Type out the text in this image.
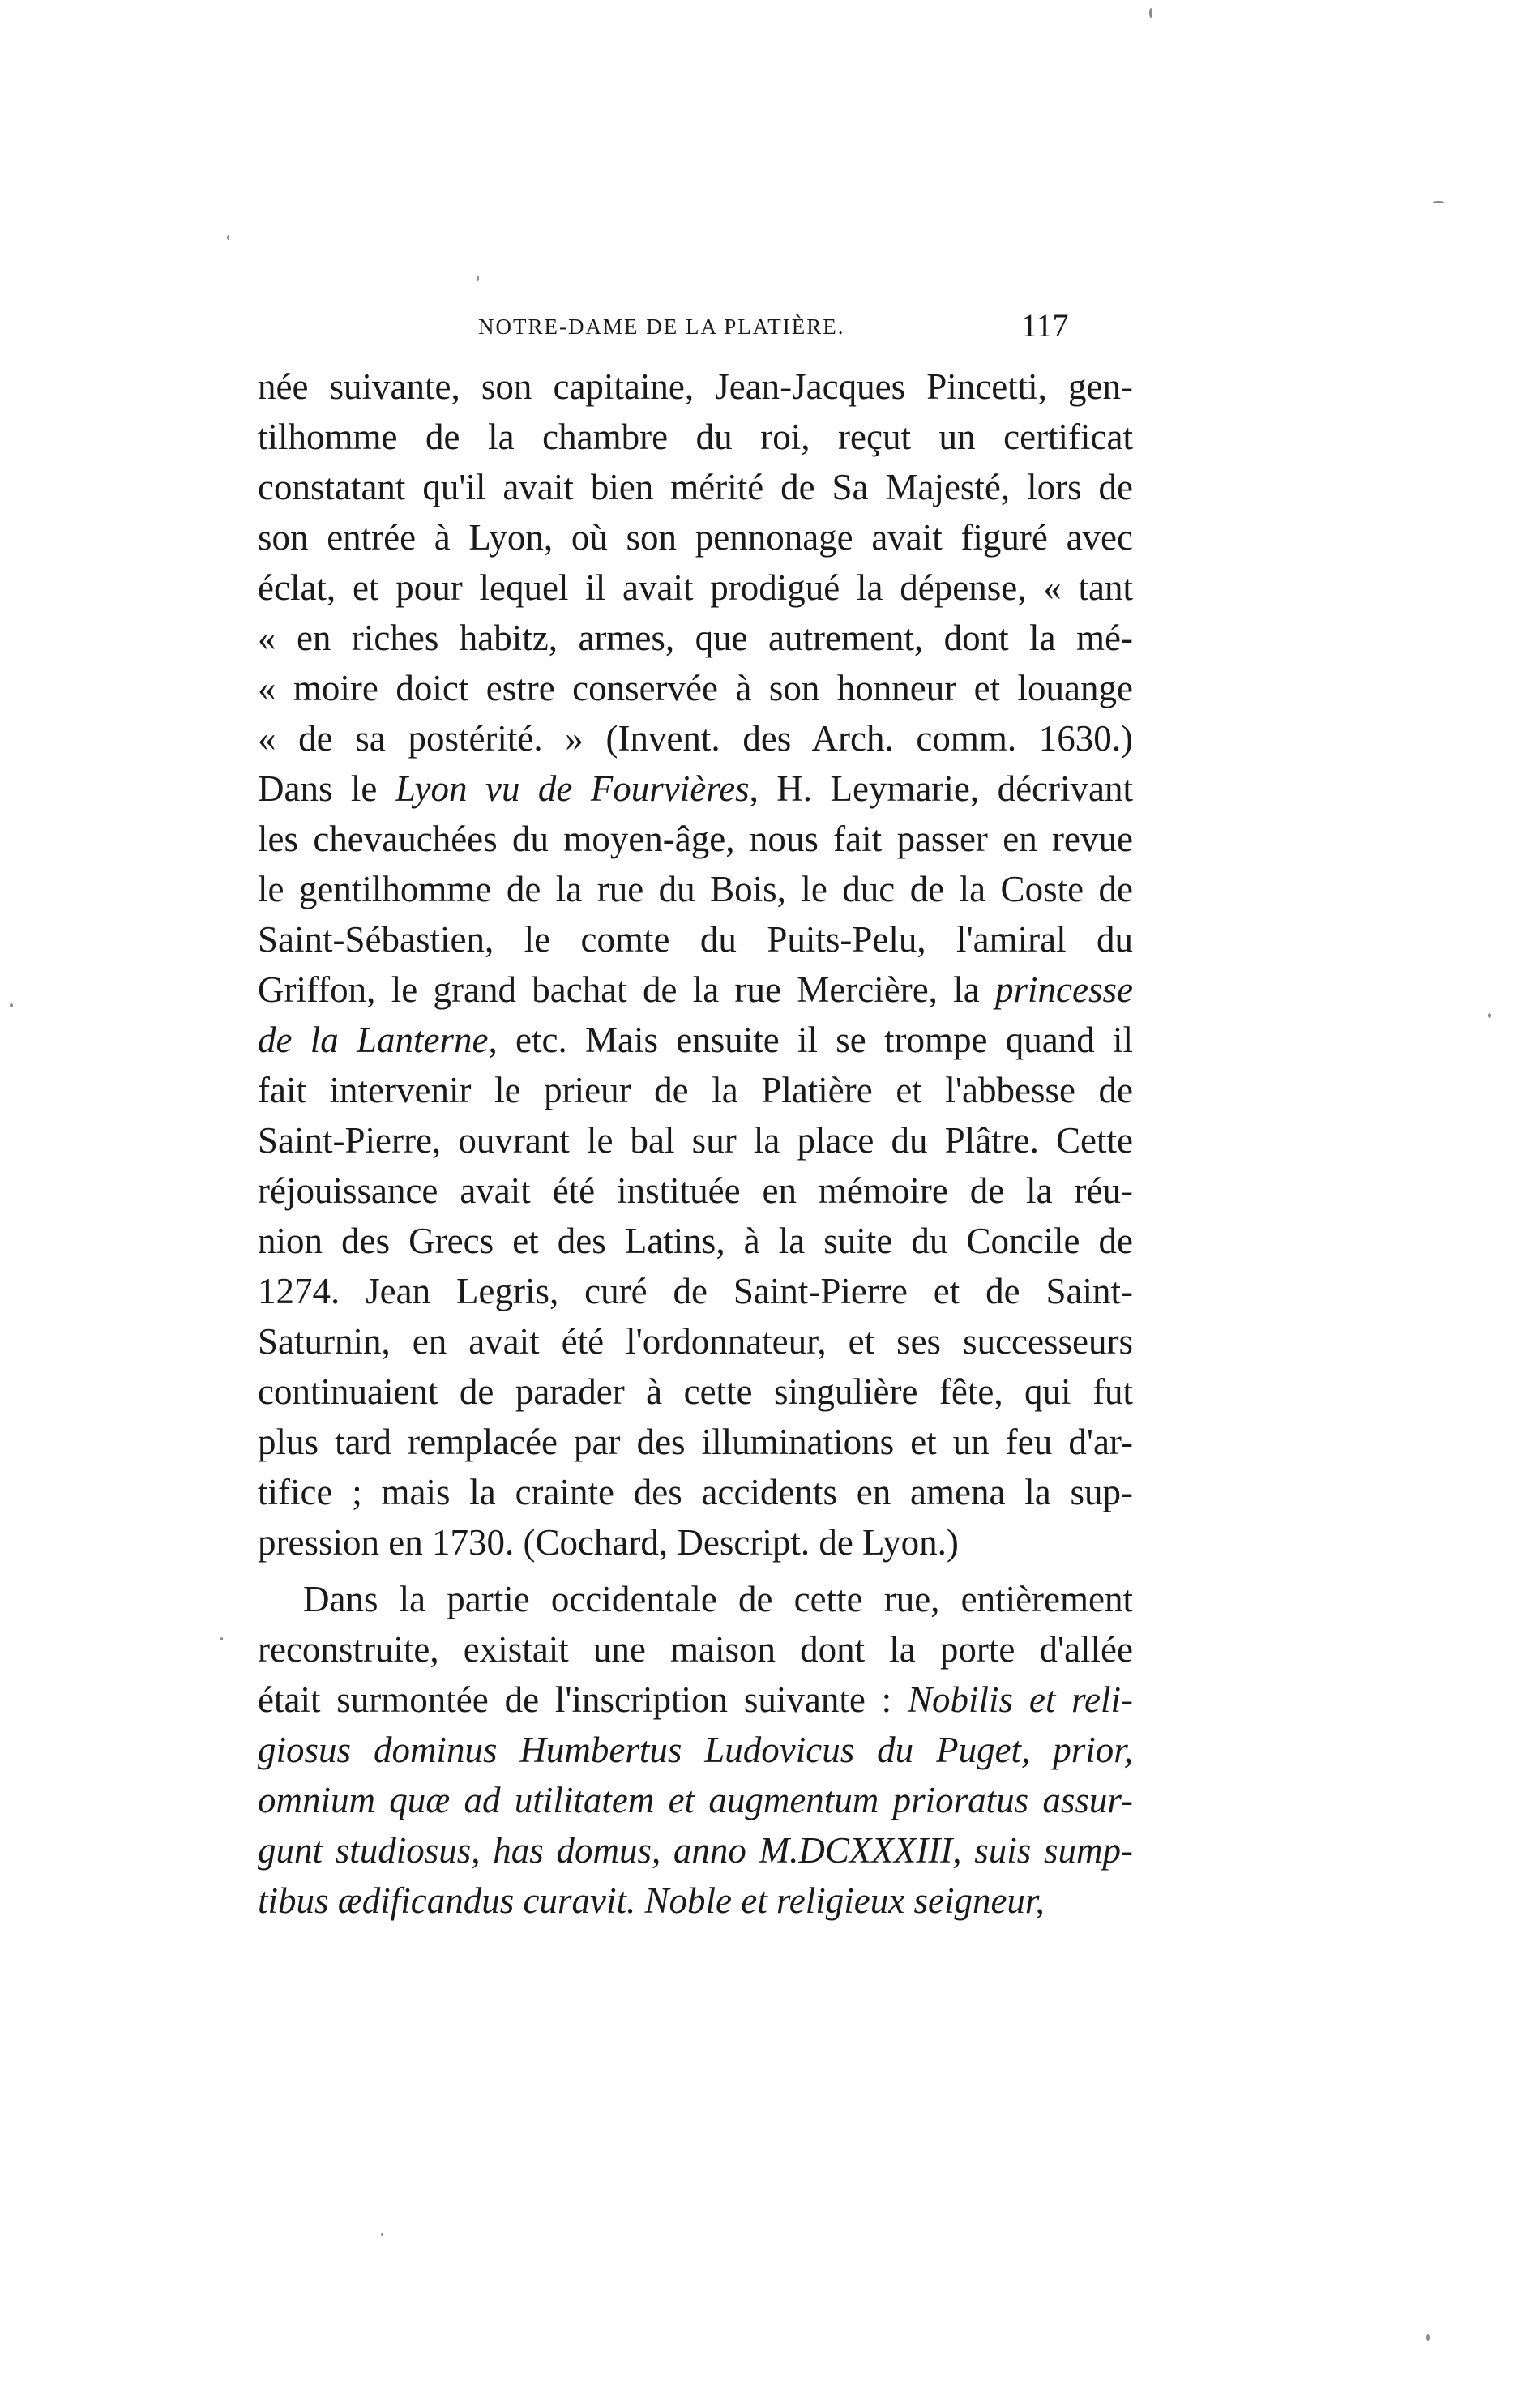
NOTRE-DAME DE LA PLATIÈRE.	117
née suivante, son capitaine, Jean-Jacques Pincetti, gen-
tilhomme de la chambre du roi, reçut un certificat
constatant qu'il avait bien mérité de Sa Majesté, lors de
son entrée à Lyon, où son pennonage avait figuré avec
éclat, et pour lequel il avait prodigué la dépense, « tant
« en riches habitz, armes, que autrement, dont la mé-
« moire doict estre conservée à son honneur et louange
« de sa postérité. » (Invent. des Arch. comm. 1630.)
Dans le Lyon vu de Fourvières, H. Leymarie, décrivant
les chevauchées du moyen-âge, nous fait passer en revue
le gentilhomme de la rue du Bois, le duc de la Coste de
Saint-Sébastien, le comte du Puits-Pelu, l'amiral du
Griffon, le grand bachat de la rue Mercière, la princesse
de la Lanterne, etc. Mais ensuite il se trompe quand il
fait intervenir le prieur de la Platière et l'abbesse de
Saint-Pierre, ouvrant le bal sur la place du Plâtre. Cette
réjouissance avait été instituée en mémoire de la réu-
nion des Grecs et des Latins, à la suite du Concile de
1274. Jean Legris, curé de Saint-Pierre et de Saint-
Saturnin, en avait été l'ordonnateur, et ses successeurs
continuaient de parader à cette singulière fête, qui fut
plus tard remplacée par des illuminations et un feu d'ar-
tifice ; mais la crainte des accidents en amena la sup-
pression en 1730. (Cochard, Descript. de Lyon.)
Dans la partie occidentale de cette rue, entièrement
reconstruite, existait une maison dont la porte d'allée
était surmontée de l'inscription suivante : Nobilis et reli-
giosus dominus Humbertus Ludovicus du Puget, prior,
omnium quæ ad utilitatem et augmentum prioratus assur-
gunt studiosus, has domus, anno M.DCXXXIII, suis sump-
tibus ædificandus curavit. Noble et religieux seigneur,
